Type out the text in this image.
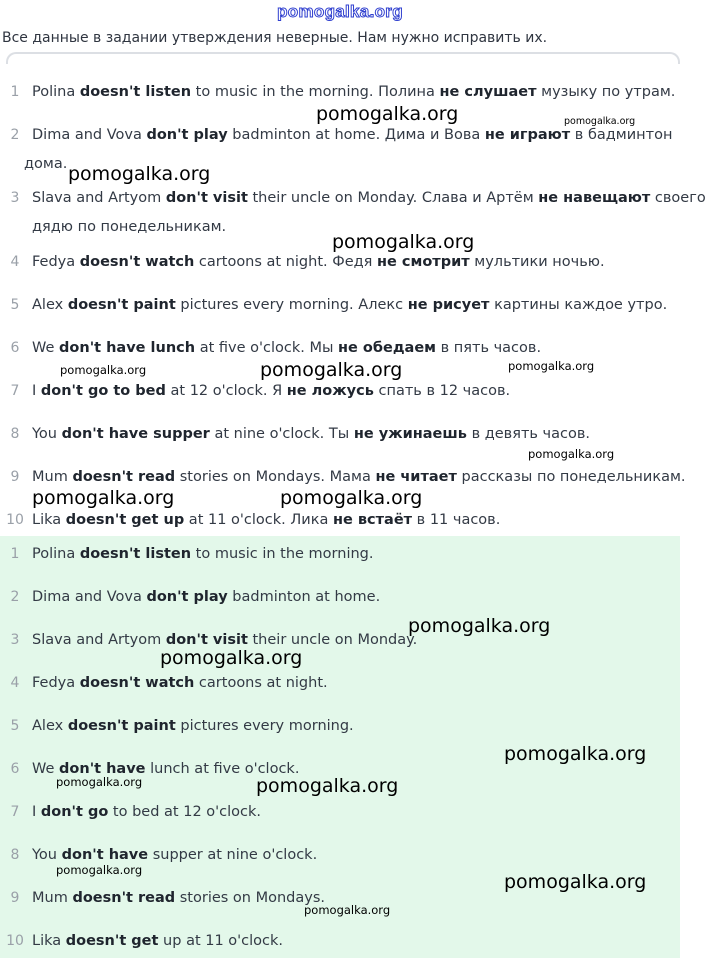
pomogalka.org
Все данные в задании утверждения неверные. Нам нужно исправить их.
1 Polina doesn't listen to music in the morning. Полина не слушает музыку по утрам.
2 Dima and Vova don't play badminton at home. Дима и Вова не играют в бадминтон
дома.
3 Slava and Artyom don't visit their uncle on Monday. Слава и Артём не навещают своего
дядю по понедельникам.
4 Fedya doesn't watch cartoons at night. Федя не смотрит мультики ночью.
5 Alex doesn't paint pictures every morning. Алекс не рисует картины каждое утро.
6 We don't have lunch at five o'clock. Мы не обедаем в пять часов.
7 I don't go to bed at 12 o'clock. Я не ложусь спать в 12 часов.
8 You don't have supper at nine o'clock. Ты не ужинаешь в девять часов.
9 Mum doesn't read stories on Mondays. Мама не читает рассказы по понедельникам.
10 Lika doesn't get up at 11 o'clock. Лика не встаёт в 11 часов.
1 Polina doesn't listen to music in the morning.
2 Dima and Vova don't play badminton at home.
3 Slava and Artyom don't visit their uncle on Monday.
4 Fedya doesn't watch cartoons at night.
5 Alex doesn't paint pictures every morning.
6 We don't have lunch at five o'clock.
7 I don't go to bed at 12 o'clock.
8 You don't have supper at nine o'clock.
9 Mum doesn't read stories on Mondays.
10 Lika doesn't get up at 11 o'clock.
pomogalka.org	pomogalka.org
pomogalka.org
pomogalka.org
pomogalka.org	pomogalka.org	pomogalka.org
pomogalka.org
pomogalka.org	pomogalka.org
pomogalka.org
pomogalka.org
pomogalka.org
pomogalka.org	pomogalka.org
pomogalka.org
pomogalka.org
pomogalka.org
